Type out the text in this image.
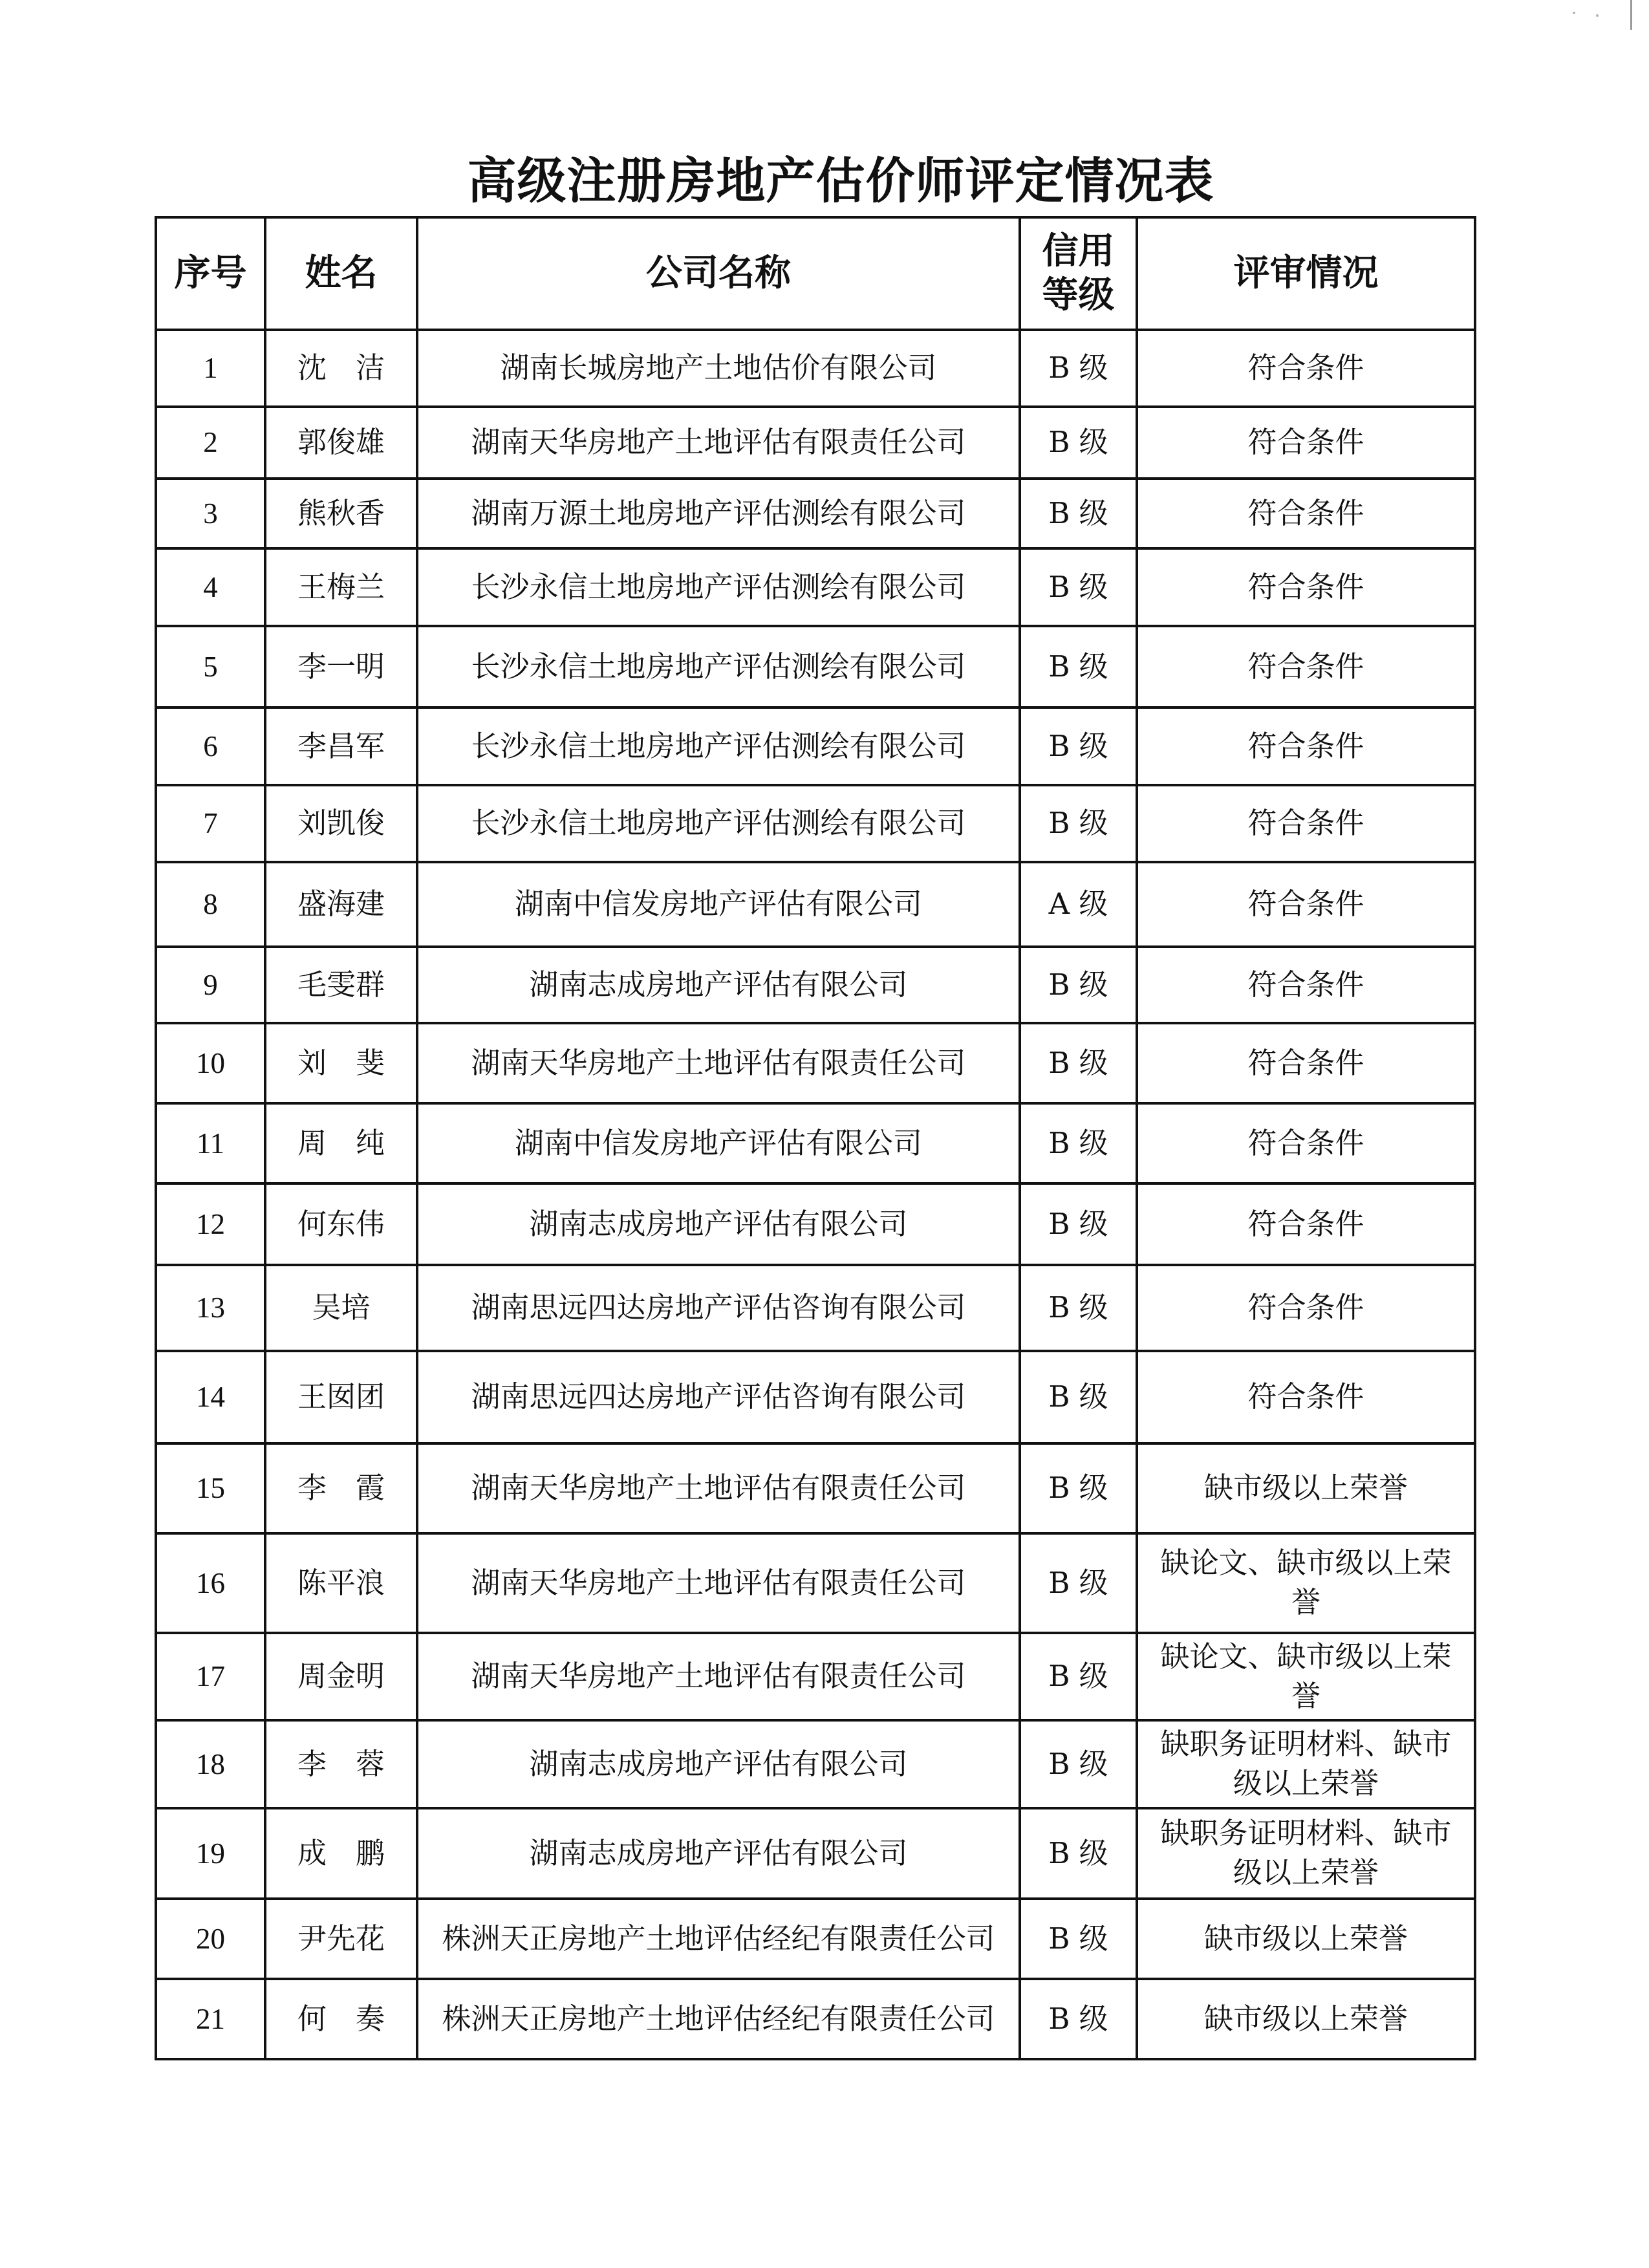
高级注册房地产估价师评定情况表
序号	姓名	公司名称	信用等级	评审情况
1	沈　洁	湖南长城房地产土地估价有限公司	B 级	符合条件
2	郭俊雄	湖南天华房地产土地评估有限责任公司	B 级	符合条件
3	熊秋香	湖南万源土地房地产评估测绘有限公司	B 级	符合条件
4	王梅兰	长沙永信土地房地产评估测绘有限公司	B 级	符合条件
5	李一明	长沙永信土地房地产评估测绘有限公司	B 级	符合条件
6	李昌军	长沙永信土地房地产评估测绘有限公司	B 级	符合条件
7	刘凯俊	长沙永信土地房地产评估测绘有限公司	B 级	符合条件
8	盛海建	湖南中信发房地产评估有限公司	A 级	符合条件
9	毛雯群	湖南志成房地产评估有限公司	B 级	符合条件
10	刘　斐	湖南天华房地产土地评估有限责任公司	B 级	符合条件
11	周　纯	湖南中信发房地产评估有限公司	B 级	符合条件
12	何东伟	湖南志成房地产评估有限公司	B 级	符合条件
13	吴培	湖南思远四达房地产评估咨询有限公司	B 级	符合条件
14	王囡团	湖南思远四达房地产评估咨询有限公司	B 级	符合条件
15	李　霞	湖南天华房地产土地评估有限责任公司	B 级	缺市级以上荣誉
16	陈平浪	湖南天华房地产土地评估有限责任公司	B 级	缺论文、缺市级以上荣誉
17	周金明	湖南天华房地产土地评估有限责任公司	B 级	缺论文、缺市级以上荣誉
18	李　蓉	湖南志成房地产评估有限公司	B 级	缺职务证明材料、缺市级以上荣誉
19	成　鹏	湖南志成房地产评估有限公司	B 级	缺职务证明材料、缺市级以上荣誉
20	尹先花	株洲天正房地产土地评估经纪有限责任公司	B 级	缺市级以上荣誉
21	何　奏	株洲天正房地产土地评估经纪有限责任公司	B 级	缺市级以上荣誉
